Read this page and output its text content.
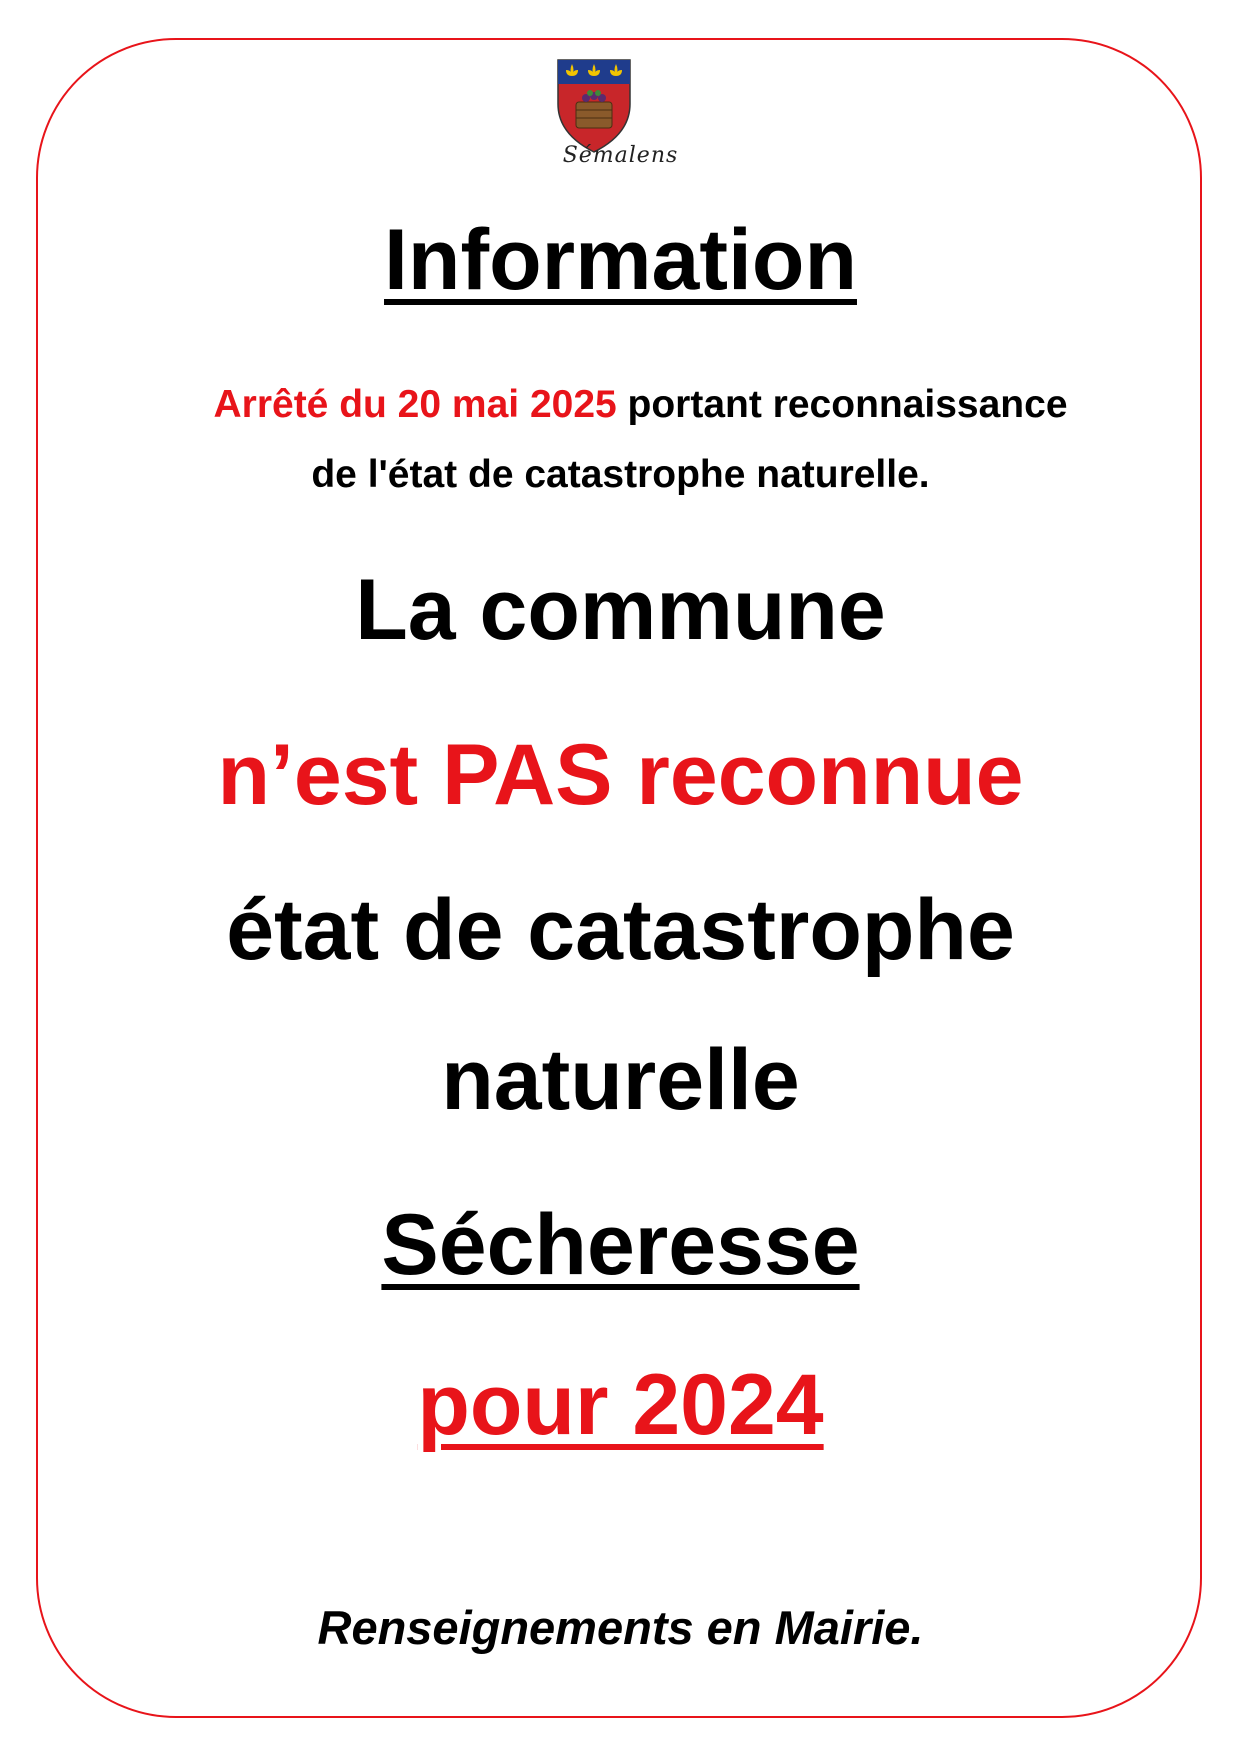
Sémalens
Information
Arrêté du 20 mai 2025 portant reconnaissance
de l'état de catastrophe naturelle.
La commune
n’est PAS reconnue
état de catastrophe
naturelle
Sécheresse
pour 2024
Renseignements en Mairie.
